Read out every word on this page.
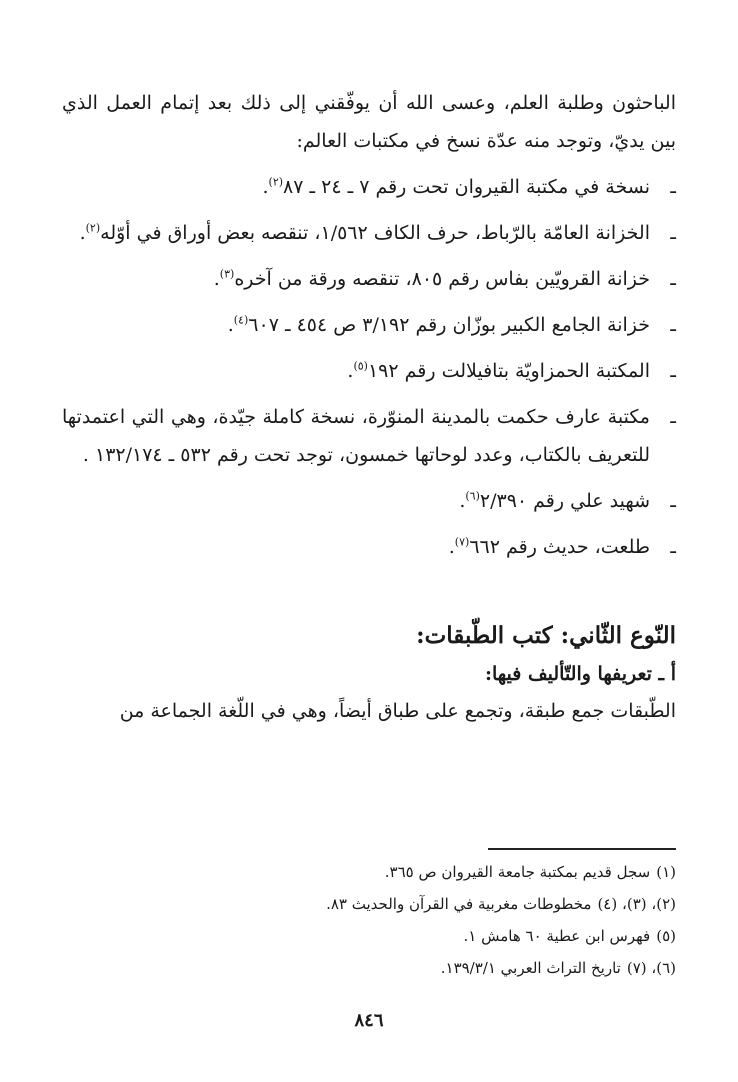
الباحثون وطلبة العلم، وعسى الله أن يوفّقني إلى ذلك بعد إتمام العمل الذي بين يديّ، وتوجد منه عدّة نسخ في مكتبات العالم:

ـ
نسخة في مكتبة القيروان تحت رقم ٧ ـ ٢٤ ـ ٨٧$^{(٢)}$.
ـ
الخزانة العامّة بالرّباط، حرف الكاف ١/٥٦٢، تنقصه بعض أوراق في أوّله$^{(٢)}$.
ـ
خزانة القرويّين بفاس رقم ٨٠٥، تنقصه ورقة من آخره$^{(٣)}$.
ـ
خزانة الجامع الكبير بوزّان رقم ٣/١٩٢ ص ٤٥٤ ـ ٦٠٧$^{(٤)}$.
ـ
المكتبة الحمزاويّة بتافيلالت رقم ١٩٢$^{(٥)}$.
ـ
مكتبة عارف حكمت بالمدينة المنوّرة، نسخة كاملة جيّدة، وهي التي اعتمدتها للتعريف بالكتاب، وعدد لوحاتها خمسون، توجد تحت رقم ٥٣٢ ـ ١٣٢/١٧٤ .
ـ
شهيد علي رقم ٢/٣٩٠$^{(٦)}$.
ـ
طلعت، حديث رقم ٦٦٢$^{(٧)}$.
النّوع الثّاني: كتب الطّبقات:
أ ـ تعريفها والتّأليف فيها:

الطّبقات جمع طبقة، وتجمع على طباق أيضاً، وهي في اللّغة الجماعة من

(١)سجل قديم بمكتبة جامعة القيروان ص ٣٦٥.
(٢)، (٣)، (٤)مخطوطات مغربية في القرآن والحديث ٨٣.
(٥)فهرس ابن عطية ٦٠ هامش ١.
(٦)، (٧)تاريخ التراث العربي ١٣٩/٣/١.
٨٤٦
